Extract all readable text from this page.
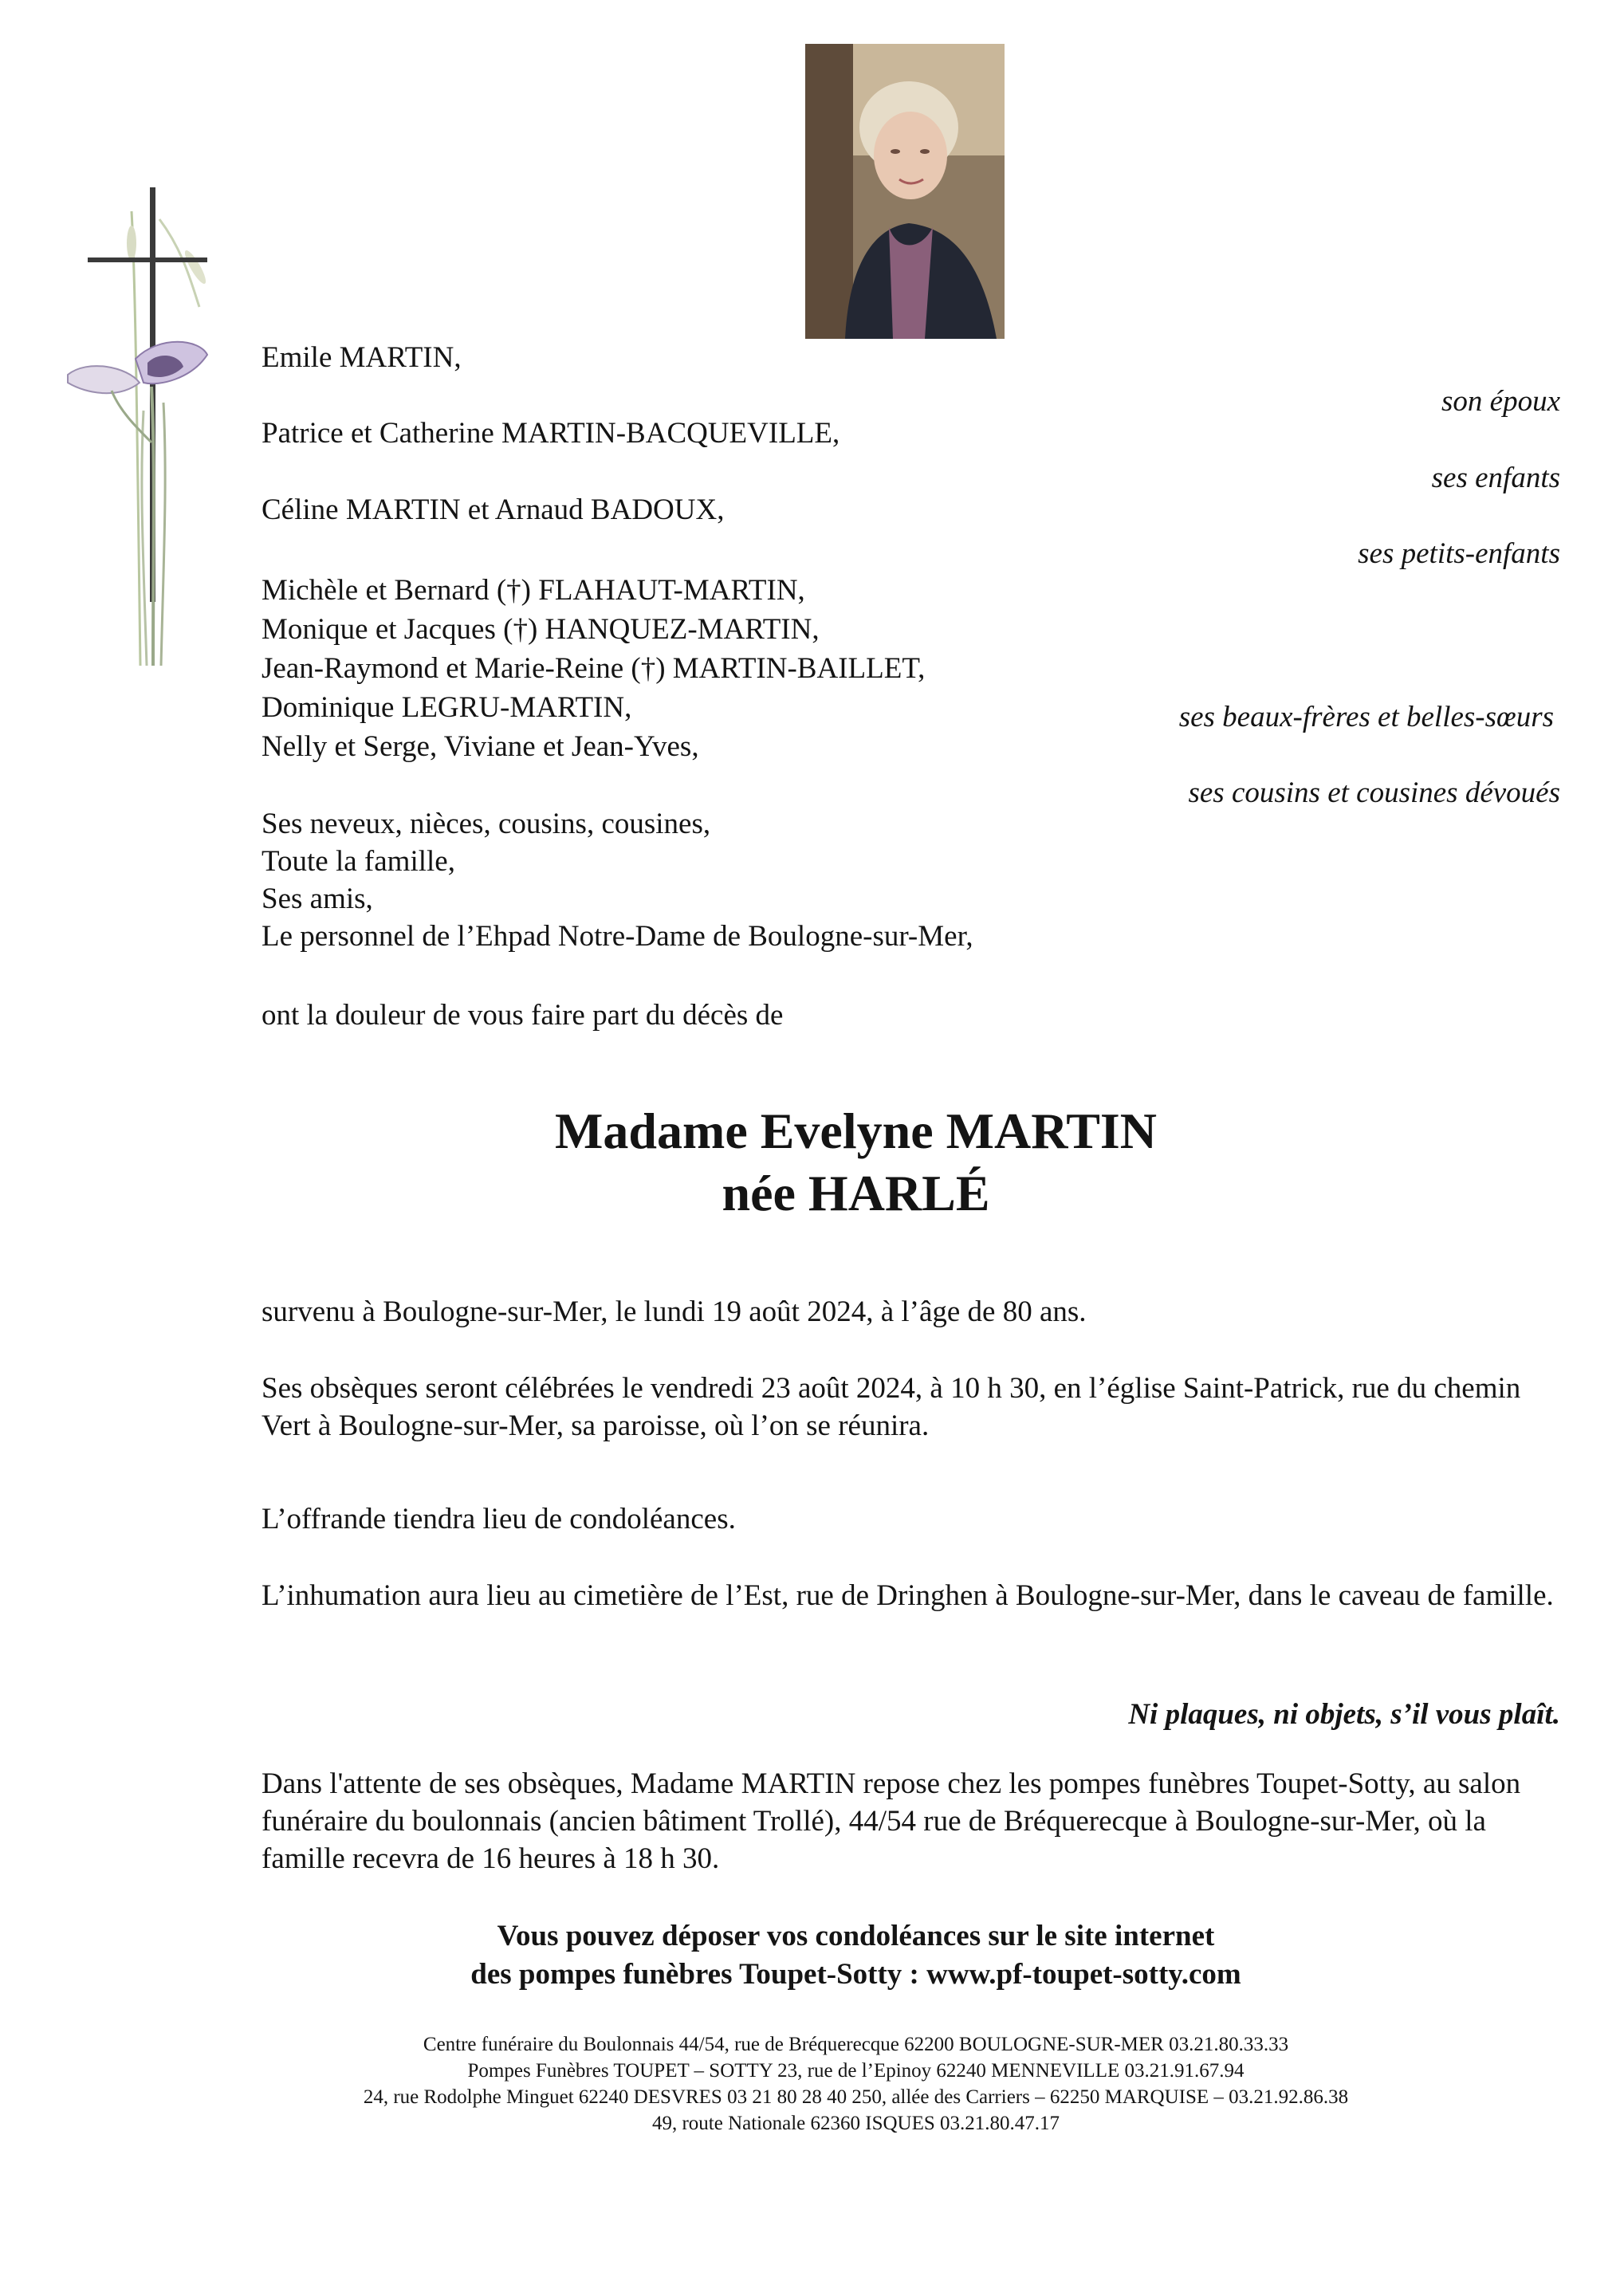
Emile MARTIN,
Patrice et Catherine MARTIN-BACQUEVILLE,
Céline MARTIN et Arnaud BADOUX,
Michèle et Bernard (†) FLAHAUT-MARTIN,
Monique et Jacques (†) HANQUEZ-MARTIN,
Jean-Raymond et Marie-Reine (†) MARTIN-BAILLET,
Dominique LEGRU-MARTIN,
Nelly et Serge, Viviane et Jean-Yves,
Ses neveux, nièces, cousins, cousines,
Toute la famille,
Ses amis,
Le personnel de l’Ehpad Notre-Dame de Boulogne-sur-Mer,
ont la douleur de vous faire part du décès de
son époux
ses enfants
ses petits-enfants
ses beaux-frères et belles-sœurs
ses cousins et cousines dévoués
Madame Evelyne MARTIN
née HARLÉ
survenu à Boulogne-sur-Mer, le lundi 19 août 2024, à l’âge de 80 ans.
Ses obsèques seront célébrées le vendredi 23 août 2024, à 10 h 30, en l’église Saint-Patrick, rue du chemin Vert à Boulogne-sur-Mer, sa paroisse, où l’on se réunira.
L’offrande tiendra lieu de condoléances.
L’inhumation aura lieu au cimetière de l’Est, rue de Dringhen à Boulogne-sur-Mer, dans le caveau de famille.
Ni plaques, ni objets, s’il vous plaît.
Dans l'attente de ses obsèques, Madame MARTIN repose chez les pompes funèbres Toupet-Sotty, au salon funéraire du boulonnais (ancien bâtiment Trollé), 44/54 rue de Bréquerecque à Boulogne-sur-Mer, où la famille recevra de 16 heures à 18 h 30.
Vous pouvez déposer vos condoléances sur le site internet
des pompes funèbres Toupet-Sotty : www.pf-toupet-sotty.com
Centre funéraire du Boulonnais 44/54, rue de Bréquerecque 62200 BOULOGNE-SUR-MER 03.21.80.33.33
Pompes Funèbres TOUPET – SOTTY 23, rue de l’Epinoy 62240 MENNEVILLE 03.21.91.67.94
24, rue Rodolphe Minguet 62240 DESVRES 03 21 80 28 40 250, allée des Carriers – 62250 MARQUISE – 03.21.92.86.38
49, route Nationale 62360 ISQUES 03.21.80.47.17
